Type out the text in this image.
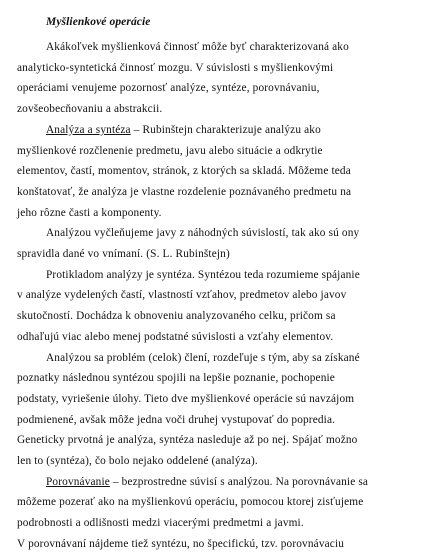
Myšlienkové operácie
Akákoľvek myšlienková činnosť môže byť charakterizovaná ako
analyticko-syntetická činnosť mozgu. V súvislosti s myšlienkovými
operáciami venujeme pozornosť analýze, syntéze, porovnávaniu,
zovšeobecňovaniu a abstrakcii.
Analýza a syntéza – Rubinštejn charakterizuje analýzu ako
myšlienkové rozčlenenie predmetu, javu alebo situácie a odkrytie
elementov, častí, momentov, stránok, z ktorých sa skladá. Môžeme teda
konštatovať, že analýza je vlastne rozdelenie poznávaného predmetu na
jeho rôzne časti a komponenty.
Analýzou vyčleňujeme javy z náhodných súvislostí, tak ako sú ony
spravidla dané vo vnímaní. (S. L. Rubinštejn)
Protikladom analýzy je syntéza. Syntézou teda rozumieme spájanie
v analýze vydelených častí, vlastností vzťahov, predmetov alebo javov
skutočností. Dochádza k obnoveniu analyzovaného celku, pričom sa
odhaľujú viac alebo menej podstatné súvislosti a vzťahy elementov.
Analýzou sa problém (celok) člení, rozdeľuje s tým, aby sa získané
poznatky následnou syntézou spojili na lepšie poznanie, pochopenie
podstaty, vyriešenie úlohy. Tieto dve myšlienkové operácie sú navzájom
podmienené, avšak môže jedna voči druhej vystupovať do popredia.
Geneticky prvotná je analýza, syntéza nasleduje až po nej. Spájať možno
len to (syntéza), čo bolo nejako oddelené (analýza).
Porovnávanie – bezprostredne súvisí s analýzou. Na porovnávanie sa
môžeme pozerať ako na myšlienkovú operáciu, pomocou ktorej zisťujeme
podrobnosti a odlišnosti medzi viacerými predmetmi a javmi.
V porovnávaní nájdeme tiež syntézu, no špecifickú, tzv. porovnávaciu
